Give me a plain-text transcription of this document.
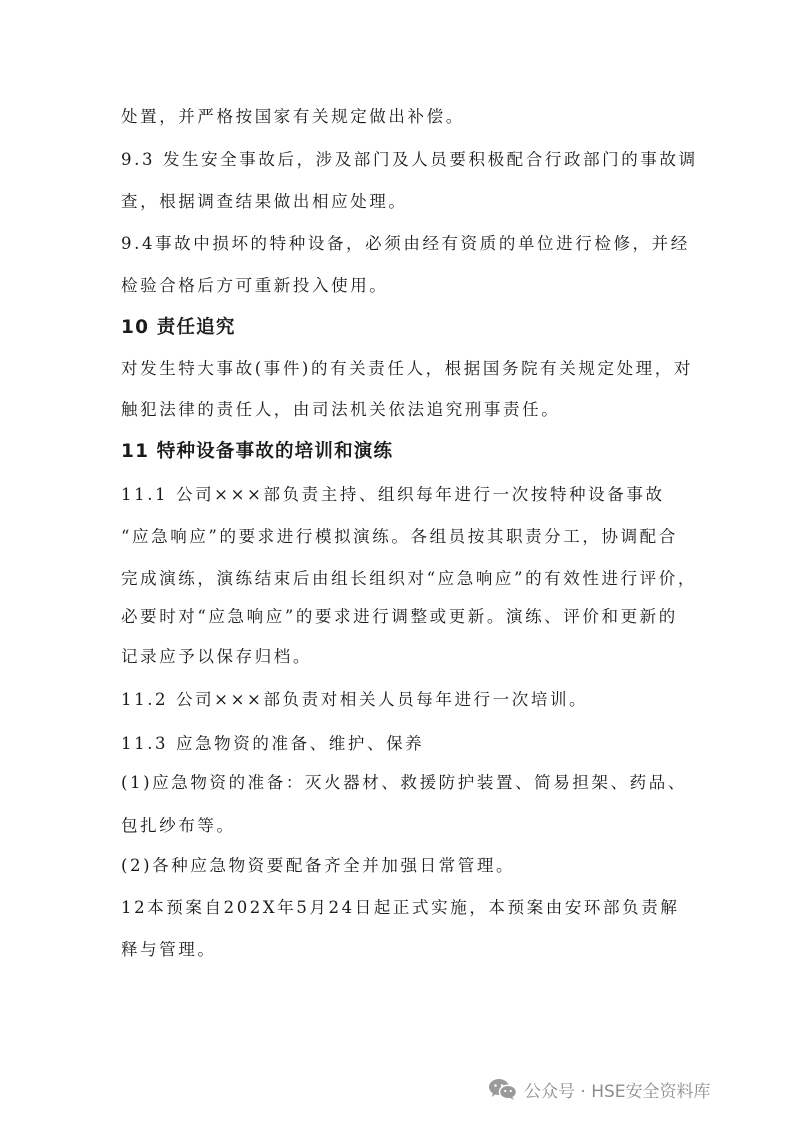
处置，并严格按国家有关规定做出补偿。
9.3 发生安全事故后，涉及部门及人员要积极配合行政部门的事故调
查，根据调查结果做出相应处理。
9.4事故中损坏的特种设备，必须由经有资质的单位进行检修，并经
检验合格后方可重新投入使用。
10 责任追究
对发生特大事故(事件)的有关责任人，根据国务院有关规定处理，对
触犯法律的责任人，由司法机关依法追究刑事责任。
11 特种设备事故的培训和演练
11.1 公司×××部负责主持、组织每年进行一次按特种设备事故
“应急响应”的要求进行模拟演练。各组员按其职责分工，协调配合
完成演练，演练结束后由组长组织对“应急响应”的有效性进行评价，
必要时对“应急响应”的要求进行调整或更新。演练、评价和更新的
记录应予以保存归档。
11.2 公司×××部负责对相关人员每年进行一次培训。
11.3 应急物资的准备、维护、保养
(1)应急物资的准备：灭火器材、救援防护装置、简易担架、药品、
包扎纱布等。
(2)各种应急物资要配备齐全并加强日常管理。
12本预案自202X年5月24日起正式实施，本预案由安环部负责解
释与管理。
公众号 · HSE安全资料库
